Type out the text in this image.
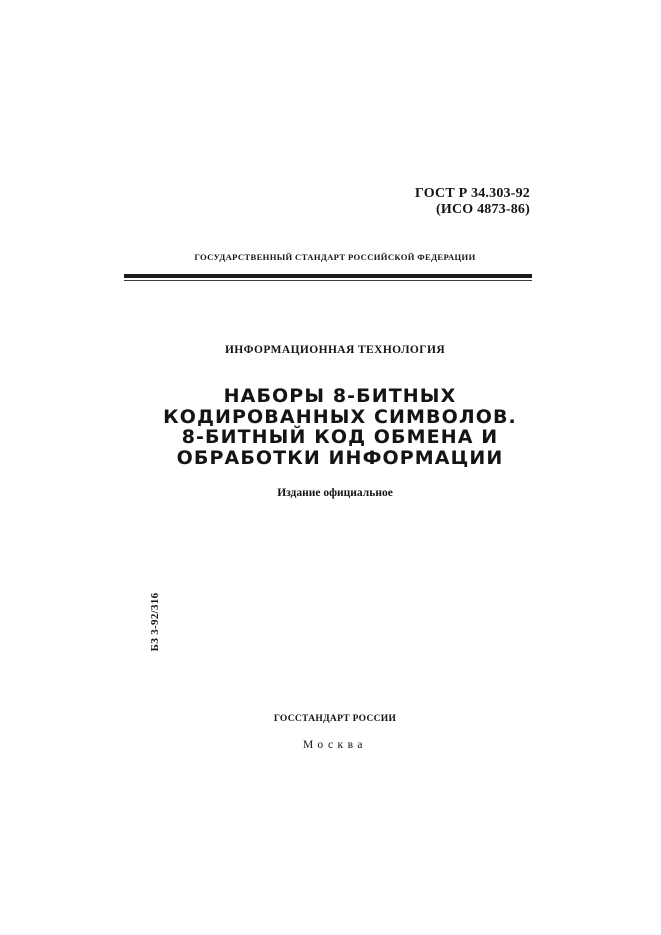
ГОСТ Р 34.303-92
(ИСО 4873-86)
ГОСУДАРСТВЕННЫЙ СТАНДАРТ РОССИЙСКОЙ ФЕДЕРАЦИИ
ИНФОРМАЦИОННАЯ ТЕХНОЛОГИЯ
НАБОРЫ 8-БИТНЫХ
КОДИРОВАННЫХ СИМВОЛОВ.
8-БИТНЫЙ КОД ОБМЕНА И
ОБРАБОТКИ ИНФОРМАЦИИ
Издание официальное
БЗ 3-92/316
ГОССТАНДАРТ РОССИИ
Москва
